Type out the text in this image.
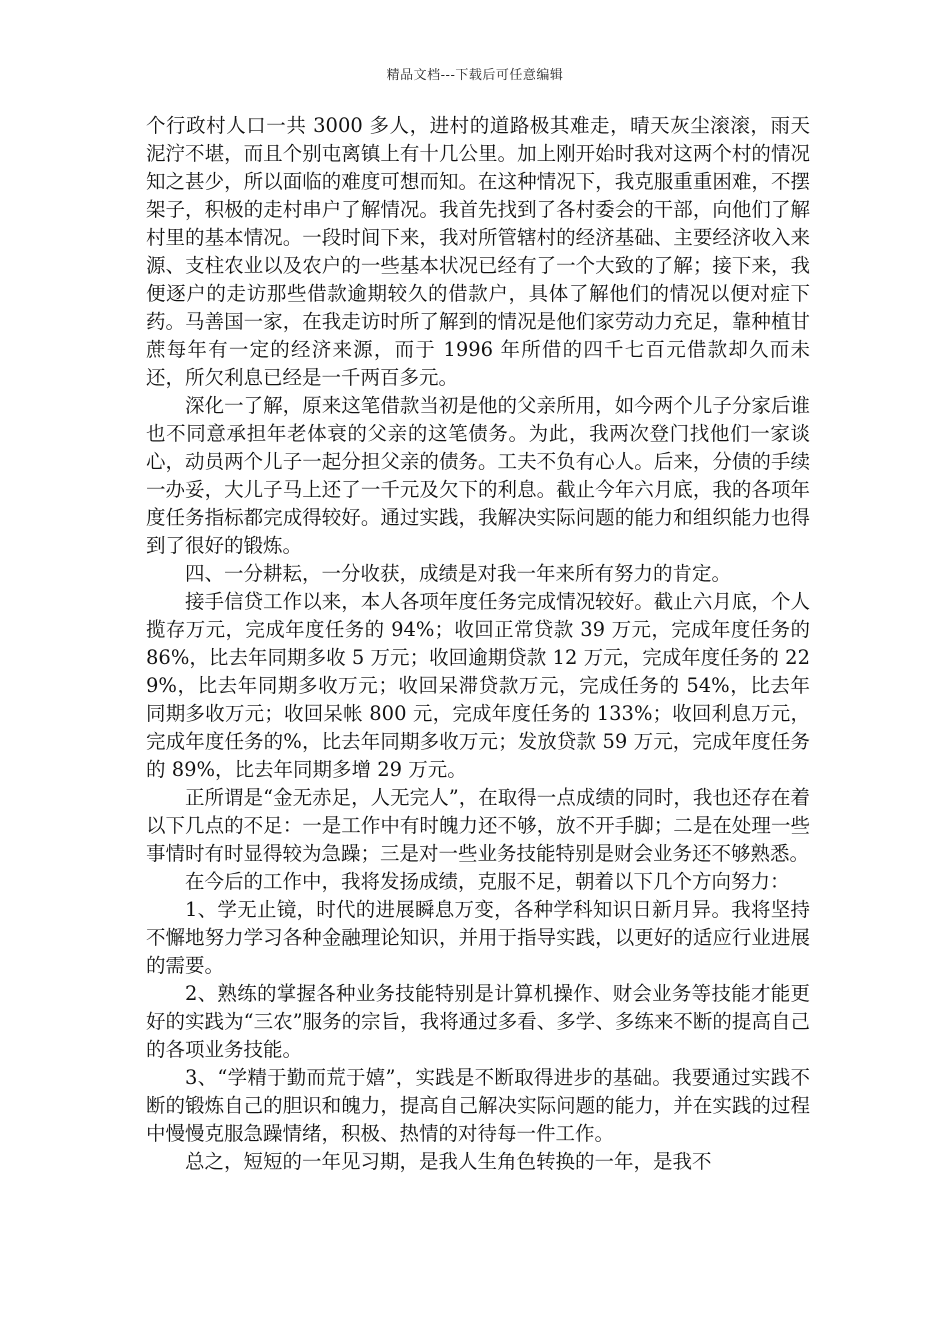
精品文档---下载后可任意编辑

个行政村人口一共 3000 多人，进村的道路极其难走，晴天灰尘滚滚，雨天泥泞不堪，而且个别屯离镇上有十几公里。加上刚开始时我对这两个村的情况知之甚少，所以面临的难度可想而知。在这种情况下，我克服重重困难，不摆架子，积极的走村串户了解情况。我首先找到了各村委会的干部，向他们了解村里的基本情况。一段时间下来，我对所管辖村的经济基础、主要经济收入来源、支柱农业以及农户的一些基本状况已经有了一个大致的了解；接下来，我便逐户的走访那些借款逾期较久的借款户，具体了解他们的情况以便对症下药。马善国一家，在我走访时所了解到的情况是他们家劳动力充足，靠种植甘蔗每年有一定的经济来源，而于 1996 年所借的四千七百元借款却久而未还，所欠利息已经是一千两百多元。

深化一了解，原来这笔借款当初是他的父亲所用，如今两个儿子分家后谁也不同意承担年老体衰的父亲的这笔债务。为此，我两次登门找他们一家谈心，动员两个儿子一起分担父亲的债务。工夫不负有心人。后来，分债的手续一办妥，大儿子马上还了一千元及欠下的利息。截止今年六月底，我的各项年度任务指标都完成得较好。通过实践，我解决实际问题的能力和组织能力也得到了很好的锻炼。

四、一分耕耘，一分收获，成绩是对我一年来所有努力的肯定。

接手信贷工作以来，本人各项年度任务完成情况较好。截止六月底，个人揽存万元，完成年度任务的 94%；收回正常贷款 39 万元，完成年度任务的 86%，比去年同期多收 5 万元；收回逾期贷款 12 万元，完成年度任务的 229%，比去年同期多收万元；收回呆滞贷款万元，完成任务的 54%，比去年同期多收万元；收回呆帐 800 元，完成年度任务的 133%；收回利息万元，完成年度任务的%，比去年同期多收万元；发放贷款 59 万元，完成年度任务的 89%，比去年同期多增 29 万元。

正所谓是“金无赤足，人无完人”，在取得一点成绩的同时，我也还存在着以下几点的不足：一是工作中有时魄力还不够，放不开手脚；二是在处理一些事情时有时显得较为急躁；三是对一些业务技能特别是财会业务还不够熟悉。

在今后的工作中，我将发扬成绩，克服不足，朝着以下几个方向努力：

1、学无止镜，时代的进展瞬息万变，各种学科知识日新月异。我将坚持不懈地努力学习各种金融理论知识，并用于指导实践，以更好的适应行业进展的需要。

2、熟练的掌握各种业务技能特别是计算机操作、财会业务等技能才能更好的实践为“三农”服务的宗旨，我将通过多看、多学、多练来不断的提高自己的各项业务技能。

3、“学精于勤而荒于嬉”，实践是不断取得进步的基础。我要通过实践不断的锻炼自己的胆识和魄力，提高自己解决实际问题的能力，并在实践的过程中慢慢克服急躁情绪，积极、热情的对待每一件工作。

总之，短短的一年见习期，是我人生角色转换的一年，是我不
